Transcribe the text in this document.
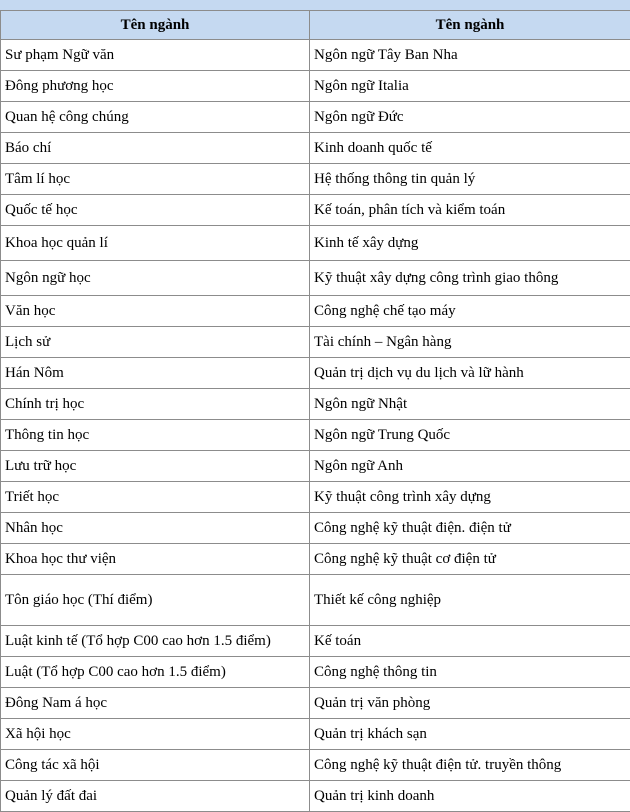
Tên ngành	Tên ngành
Sư phạm Ngữ văn	Ngôn ngữ Tây Ban Nha
Đông phương học	Ngôn ngữ Italia
Quan hệ công chúng	Ngôn ngữ Đức
Báo chí	Kinh doanh quốc tế
Tâm lí học	Hệ thống thông tin quản lý
Quốc tế học	Kế toán, phân tích và kiểm toán
Khoa học quản lí	Kinh tế xây dựng
Ngôn ngữ học	Kỹ thuật xây dựng công trình giao thông
Văn học	Công nghệ chế tạo máy
Lịch sử	Tài chính – Ngân hàng
Hán Nôm	Quản trị dịch vụ du lịch và lữ hành
Chính trị học	Ngôn ngữ Nhật
Thông tin học	Ngôn ngữ Trung Quốc
Lưu trữ học	Ngôn ngữ Anh
Triết học	Kỹ thuật công trình xây dựng
Nhân học	Công nghệ kỹ thuật điện. điện tử
Khoa học thư viện	Công nghệ kỹ thuật cơ điện tử
Tôn giáo học (Thí điểm)	Thiết kế công nghiệp
Luật kinh tế (Tổ hợp C00 cao hơn 1.5 điểm)	Kế toán
Luật (Tổ hợp C00 cao hơn 1.5 điểm)	Công nghệ thông tin
Đông Nam á học	Quản trị văn phòng
Xã hội học	Quản trị khách sạn
Công tác xã hội	Công nghệ kỹ thuật điện tử. truyền thông
Quản lý đất đai	Quản trị kinh doanh
